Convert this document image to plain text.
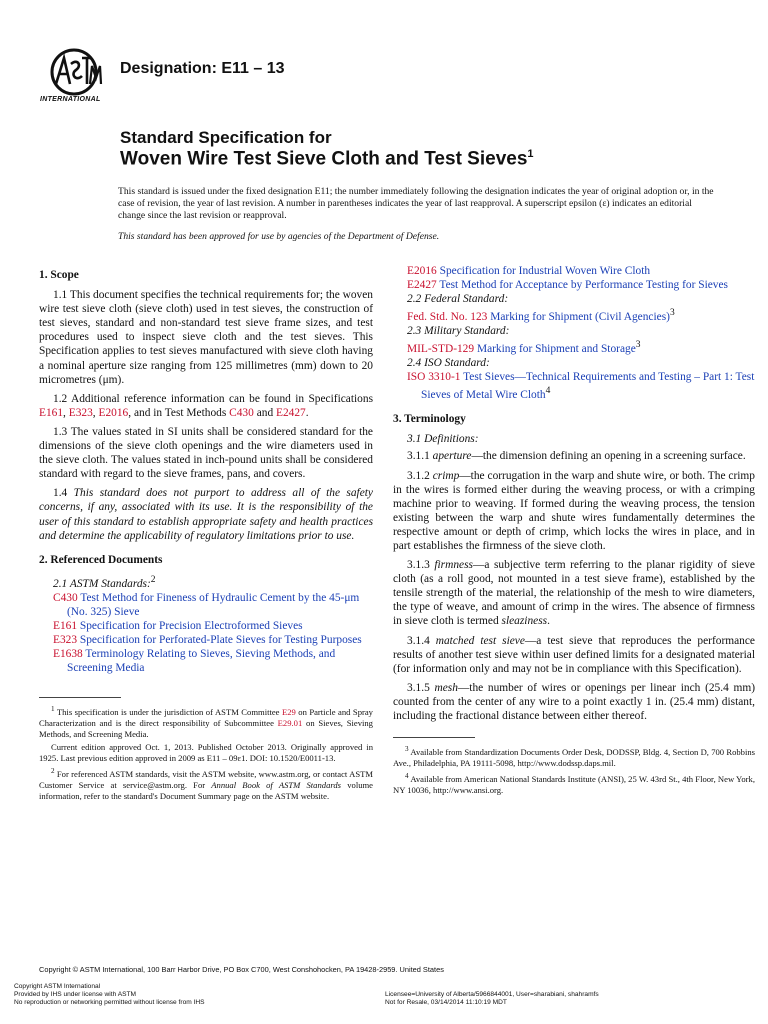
INTERNATIONAL
Designation: E11 – 13
Standard Specification for
Woven Wire Test Sieve Cloth and Test Sieves$^1$
This standard is issued under the fixed designation E11; the number immediately following the designation indicates the year of original adoption or, in the case of revision, the year of last revision. A number in parentheses indicates the year of last reapproval. A superscript epsilon (ε) indicates an editorial change since the last revision or reapproval.
This standard has been approved for use by agencies of the Department of Defense.
1. Scope

1.1 This document specifies the technical requirements for; the woven wire test sieve cloth (sieve cloth) used in test sieves, the construction of test sieves, standard and non-standard test sieve frame sizes, and test procedures used to inspect sieve cloth and the test sieves. This Specification applies to test sieves manufactured with sieve cloth having a nominal aperture size ranging from 125 millimetres (mm) down to 20 micrometres (μm).

1.2 Additional reference information can be found in Specifications E161, E323, E2016, and in Test Methods C430 and E2427.

1.3 The values stated in SI units shall be considered standard for the dimensions of the sieve cloth openings and the wire diameters used in the sieve cloth. The values stated in inch-pound units shall be considered standard with regard to the sieve frames, pans, and covers.

1.4 This standard does not purport to address all of the safety concerns, if any, associated with its use. It is the responsibility of the user of this standard to establish appropriate safety and health practices and determine the applicability of regulatory limitations prior to use.

2. Referenced Documents
2.1 ASTM Standards:$^2$

C430 Test Method for Fineness of Hydraulic Cement by the 45-μm (No. 325) Sieve

E161 Specification for Precision Electroformed Sieves

E323 Specification for Perforated-Plate Sieves for Testing Purposes

E1638 Terminology Relating to Sieves, Sieving Methods, and Screening Media

$^1$ This specification is under the jurisdiction of ASTM Committee E29 on Particle and Spray Characterization and is the direct responsibility of Subcommittee E29.01 on Sieves, Sieving Methods, and Screening Media.

Current edition approved Oct. 1, 2013. Published October 2013. Originally approved in 1925. Last previous edition approved in 2009 as E11 – 09ε1. DOI: 10.1520/E0011-13.

$^2$ For referenced ASTM standards, visit the ASTM website, www.astm.org, or contact ASTM Customer Service at service@astm.org. For Annual Book of ASTM Standards volume information, refer to the standard's Document Summary page on the ASTM website.

E2016 Specification for Industrial Woven Wire Cloth

E2427 Test Method for Acceptance by Performance Testing for Sieves

2.2 Federal Standard:

Fed. Std. No. 123 Marking for Shipment (Civil Agencies)$^3$

2.3 Military Standard:

MIL-STD-129 Marking for Shipment and Storage$^3$

2.4 ISO Standard:

ISO 3310-1 Test Sieves—Technical Requirements and Testing – Part 1: Test Sieves of Metal Wire Cloth$^4$

3. Terminology
3.1 Definitions:

3.1.1 aperture—the dimension defining an opening in a screening surface.

3.1.2 crimp—the corrugation in the warp and shute wire, or both. The crimp in the wires is formed either during the weaving process, or with a crimping machine prior to weaving. If formed during the weaving process, the tension existing between the warp and shute wires fundamentally determines the respective amount or depth of crimp, which locks the wires in place, and in part establishes the firmness of the sieve cloth.

3.1.3 firmness—a subjective term referring to the planar rigidity of sieve cloth (as a roll good, not mounted in a test sieve frame), established by the tensile strength of the material, the relationship of the mesh to wire diameters, the type of weave, and amount of crimp in the wires. The absence of firmness in sieve cloth is termed sleaziness.

3.1.4 matched test sieve—a test sieve that reproduces the performance results of another test sieve within user defined limits for a designated material (for information only and may not be in compliance with this Specification).

3.1.5 mesh—the number of wires or openings per linear inch (25.4 mm) counted from the center of any wire to a point exactly 1 in. (25.4 mm) distant, including the fractional distance between either thereof.

$^3$ Available from Standardization Documents Order Desk, DODSSP, Bldg. 4, Section D, 700 Robbins Ave., Philadelphia, PA 19111-5098, http://www.dodssp.daps.mil.

$^4$ Available from American National Standards Institute (ANSI), 25 W. 43rd St., 4th Floor, New York, NY 10036, http://www.ansi.org.

Copyright © ASTM International, 100 Barr Harbor Drive, PO Box C700, West Conshohocken, PA 19428-2959. United States
Copyright ASTM International
Provided by IHS under license with ASTM
No reproduction or networking permitted without license from IHS
Licensee=University of Alberta/5966844001, User=sharabiani, shahramfs
Not for Resale, 03/14/2014 11:10:19 MDT
